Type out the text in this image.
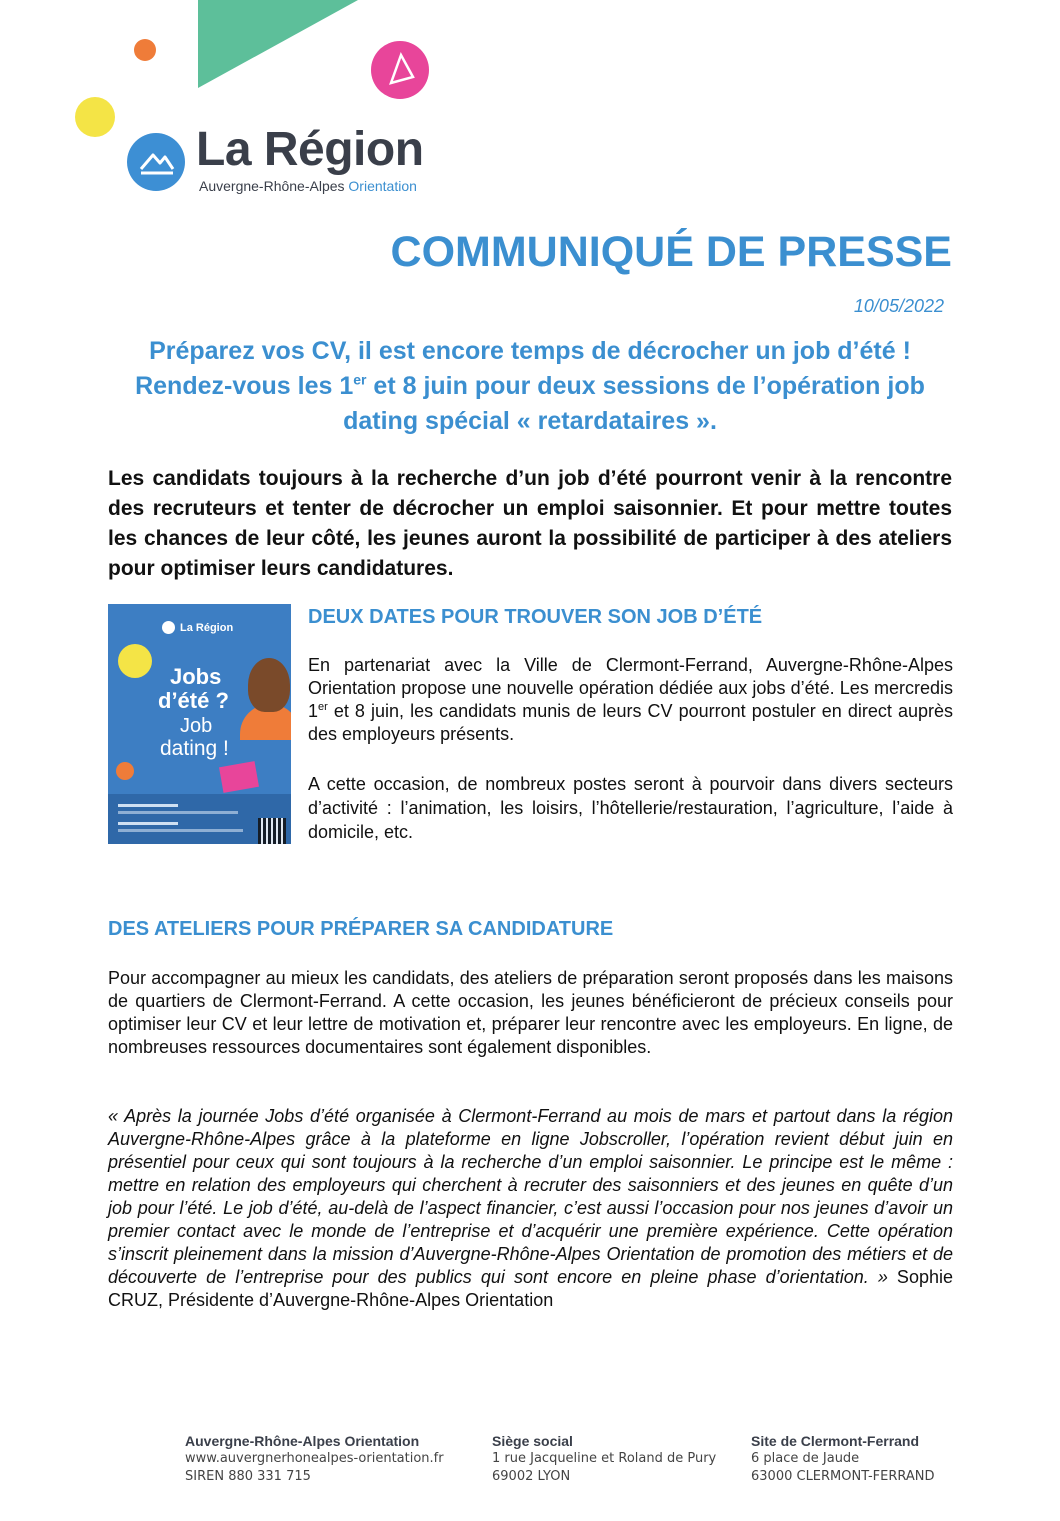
La Région
Auvergne-Rhône-Alpes Orientation
COMMUNIQUÉ DE PRESSE
10/05/2022
Préparez vos CV, il est encore temps de décrocher un job d’été ! Rendez-vous les 1er et 8 juin pour deux sessions de l’opération job dating spécial « retardataires ».
Les candidats toujours à la recherche d’un job d’été pourront venir à la rencontre des recruteurs et tenter de décrocher un emploi saisonnier. Et pour mettre toutes les chances de leur côté, les jeunes auront la possibilité de participer à des ateliers pour optimiser leurs candidatures.
La Région
Jobs
d’été ?
Job
dating !
DEUX DATES POUR TROUVER SON JOB D’ÉTÉ
En partenariat avec la Ville de Clermont-Ferrand, Auvergne-Rhône-Alpes Orientation propose une nouvelle opération dédiée aux jobs d’été. Les mercredis 1er et 8 juin, les candidats munis de leurs CV pourront postuler en direct auprès des employeurs présents.
A cette occasion, de nombreux postes seront à pourvoir dans divers secteurs d’activité : l’animation, les loisirs, l’hôtellerie/restauration, l’agriculture, l’aide à domicile, etc.
DES ATELIERS POUR PRÉPARER SA CANDIDATURE
Pour accompagner au mieux les candidats, des ateliers de préparation seront proposés dans les maisons de quartiers de Clermont-Ferrand. A cette occasion, les jeunes bénéficieront de précieux conseils pour optimiser leur CV et leur lettre de motivation et, préparer leur rencontre avec les employeurs. En ligne, de nombreuses ressources documentaires sont également disponibles.
« Après la journée Jobs d’été organisée à Clermont-Ferrand au mois de mars et partout dans la région Auvergne-Rhône-Alpes grâce à la plateforme en ligne Jobscroller, l’opération revient début juin en présentiel pour ceux qui sont toujours à la recherche d’un emploi saisonnier. Le principe est le même : mettre en relation des employeurs qui cherchent à recruter des saisonniers et des jeunes en quête d’un job pour l’été. Le job d’été, au-delà de l’aspect financier, c’est aussi l’occasion pour nos jeunes d’avoir un premier contact avec le monde de l’entreprise et d’acquérir une première expérience. Cette opération s’inscrit pleinement dans la mission d’Auvergne-Rhône-Alpes Orientation de promotion des métiers et de découverte de l’entreprise pour des publics qui sont encore en pleine phase d’orientation. » Sophie CRUZ, Présidente d’Auvergne-Rhône-Alpes Orientation
Auvergne-Rhône-Alpes Orientation
www.auvergnerhonealpes-orientation.fr
SIREN 880 331 715
Siège social
1 rue Jacqueline et Roland de Pury
69002 LYON
Site de Clermont-Ferrand
6 place de Jaude
63000 CLERMONT-FERRAND
